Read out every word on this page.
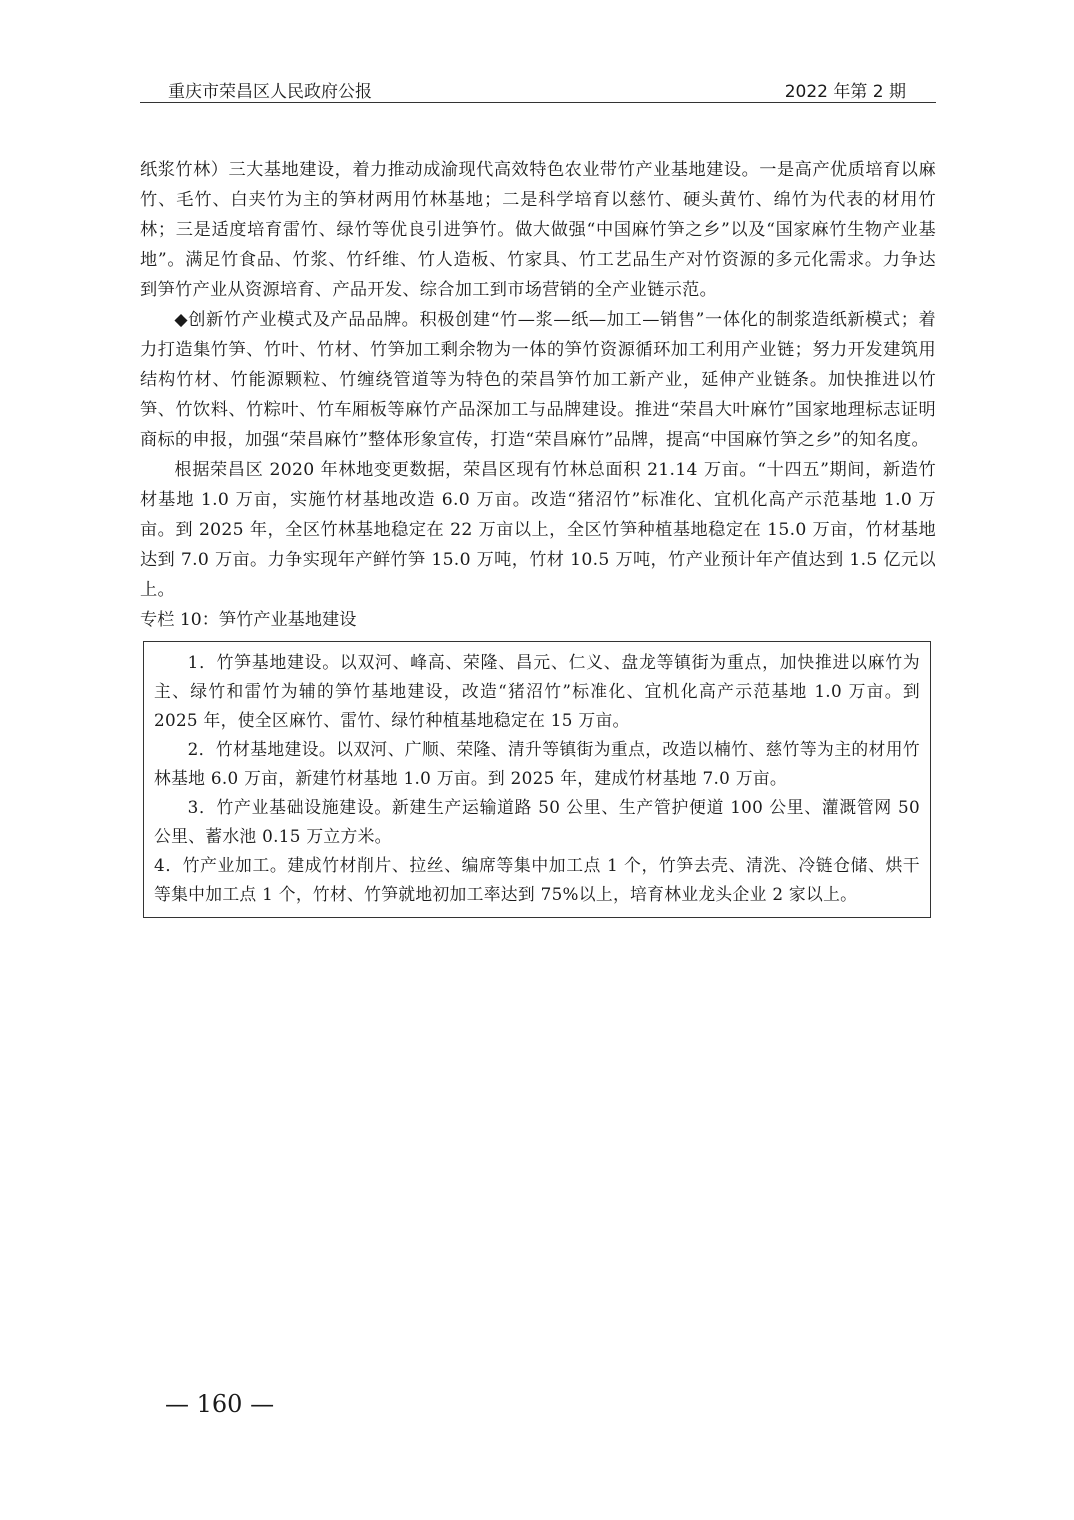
重庆市荣昌区人民政府公报	2022 年第 2 期

纸浆竹林）三大基地建设，着力推动成渝现代高效特色农业带竹产业基地建设。一是高产优质培育以麻竹、毛竹、白夹竹为主的笋材两用竹林基地；二是科学培育以慈竹、硬头黄竹、绵竹为代表的材用竹林；三是适度培育雷竹、绿竹等优良引进笋竹。做大做强“中国麻竹笋之乡”以及“国家麻竹生物产业基地”。满足竹食品、竹浆、竹纤维、竹人造板、竹家具、竹工艺品生产对竹资源的多元化需求。力争达到笋竹产业从资源培育、产品开发、综合加工到市场营销的全产业链示范。

◆创新竹产业模式及产品品牌。积极创建“竹—浆—纸—加工—销售”一体化的制浆造纸新模式；着力打造集竹笋、竹叶、竹材、竹笋加工剩余物为一体的笋竹资源循环加工利用产业链；努力开发建筑用结构竹材、竹能源颗粒、竹缠绕管道等为特色的荣昌笋竹加工新产业，延伸产业链条。加快推进以竹笋、竹饮料、竹粽叶、竹车厢板等麻竹产品深加工与品牌建设。推进“荣昌大叶麻竹”国家地理标志证明商标的申报，加强“荣昌麻竹”整体形象宣传，打造“荣昌麻竹”品牌，提高“中国麻竹笋之乡”的知名度。

根据荣昌区 2020 年林地变更数据，荣昌区现有竹林总面积 21.14 万亩。“十四五”期间，新造竹材基地 1.0 万亩，实施竹材基地改造 6.0 万亩。改造“猪沼竹”标准化、宜机化高产示范基地 1.0 万亩。到 2025 年，全区竹林基地稳定在 22 万亩以上，全区竹笋种植基地稳定在 15.0 万亩，竹材基地达到 7.0 万亩。力争实现年产鲜竹笋 15.0 万吨，竹材 10.5 万吨，竹产业预计年产值达到 1.5 亿元以上。

专栏 10：笋竹产业基地建设

1．竹笋基地建设。以双河、峰高、荣隆、昌元、仁义、盘龙等镇街为重点，加快推进以麻竹为主、绿竹和雷竹为辅的笋竹基地建设，改造“猪沼竹”标准化、宜机化高产示范基地 1.0 万亩。到 2025 年，使全区麻竹、雷竹、绿竹种植基地稳定在 15 万亩。

2．竹材基地建设。以双河、广顺、荣隆、清升等镇街为重点，改造以楠竹、慈竹等为主的材用竹林基地 6.0 万亩，新建竹材基地 1.0 万亩。到 2025 年，建成竹材基地 7.0 万亩。

3．竹产业基础设施建设。新建生产运输道路 50 公里、生产管护便道 100 公里、灌溉管网 50 公里、蓄水池 0.15 万立方米。

4．竹产业加工。建成竹材削片、拉丝、编席等集中加工点 1 个，竹笋去壳、清洗、冷链仓储、烘干等集中加工点 1 个，竹材、竹笋就地初加工率达到 75%以上，培育林业龙头企业 2 家以上。

— 160 —
